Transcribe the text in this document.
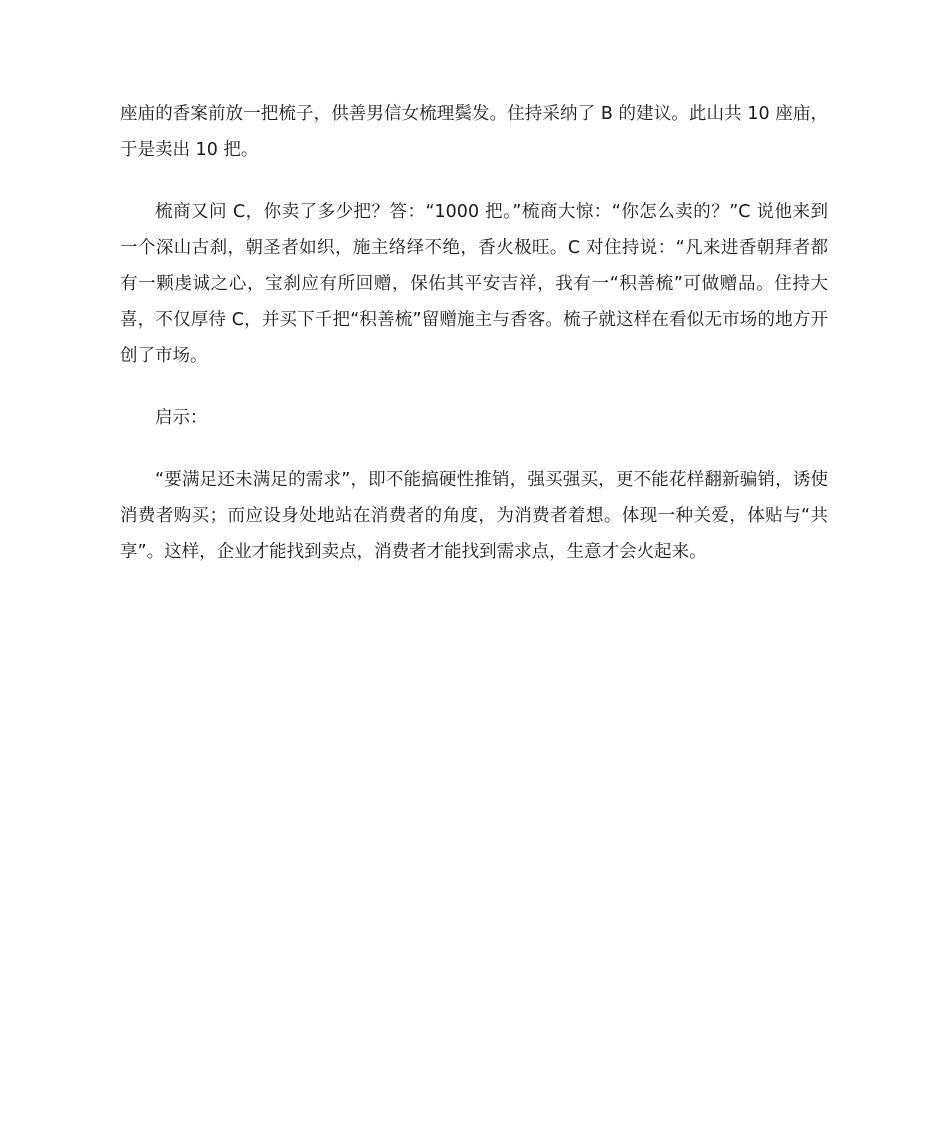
座庙的香案前放一把梳子，供善男信女梳理鬓发。住持采纳了 B 的建议。此山共 10 座庙，于是卖出 10 把。

梳商又问 C，你卖了多少把？答：“1000 把。”梳商大惊：“你怎么卖的？”C 说他来到一个深山古刹，朝圣者如织，施主络绎不绝，香火极旺。C 对住持说：“凡来进香朝拜者都有一颗虔诚之心，宝刹应有所回赠，保佑其平安吉祥，我有一“积善梳”可做赠品。住持大喜，不仅厚待 C，并买下千把“积善梳”留赠施主与香客。梳子就这样在看似无市场的地方开创了市场。

启示：

“要满足还未满足的需求”，即不能搞硬性推销，强买强买，更不能花样翻新骗销，诱使消费者购买；而应设身处地站在消费者的角度，为消费者着想。体现一种关爱，体贴与“共享”。这样，企业才能找到卖点，消费者才能找到需求点，生意才会火起来。
